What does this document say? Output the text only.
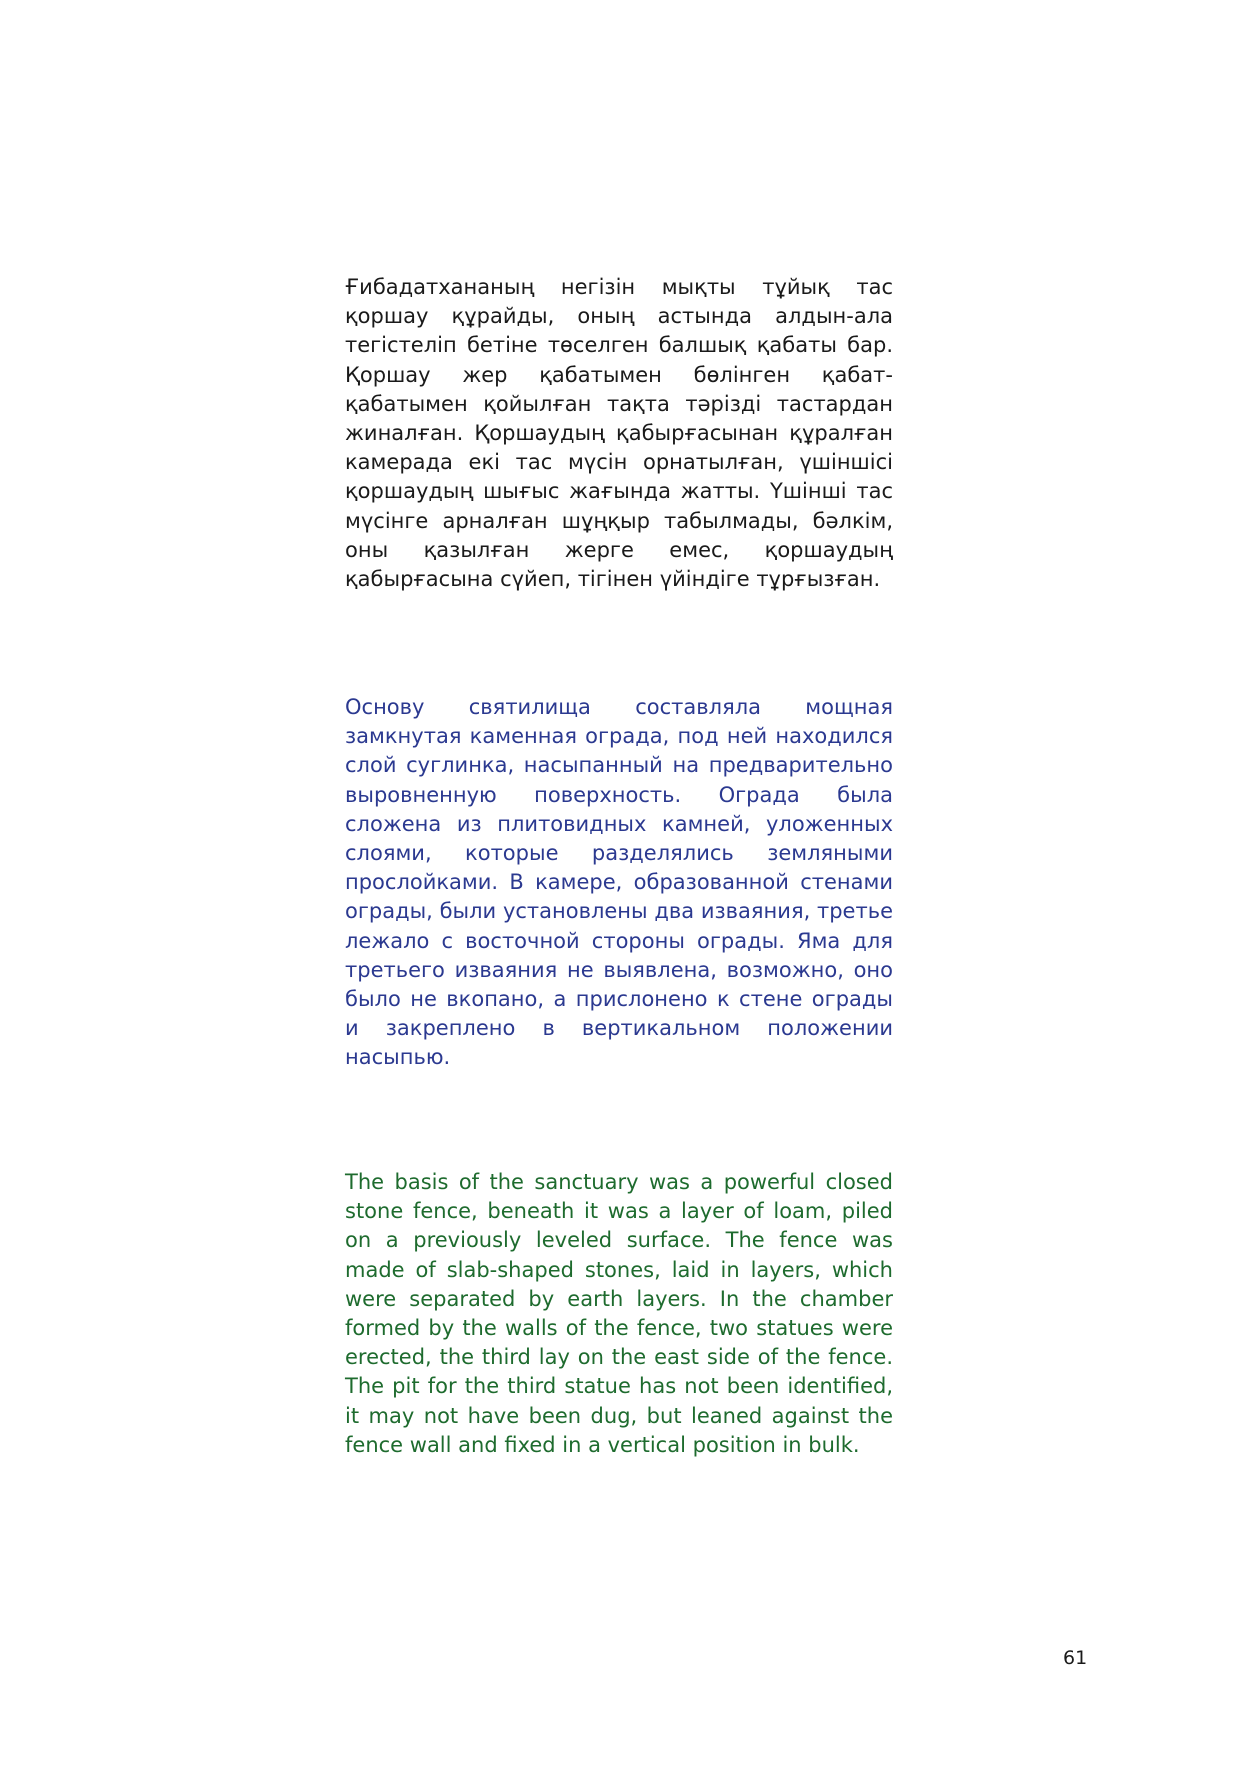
Ғибадатхананың негізін мықты тұйық тас қоршау құрайды, оның астында алдын-ала тегістеліп бетіне төселген балшық қабаты бар. Қоршау жер қабатымен бөлінген қабат-қабатымен қойылған тақта тәрізді тастардан жиналған. Қоршаудың қабырғасынан құралған камерада екі тас мүсін орнатылған, үшіншісі қоршаудың шығыс жағында жатты. Үшінші тас мүсінге арналған шұңқыр табылмады, бәлкім, оны қазылған жерге емес, қоршаудың қабырғасына сүйеп, тігінен үйіндіге тұрғызған.

Основу святилища составляла мощная замкнутая каменная ограда, под ней находился слой суглинка, насыпанный на предварительно выровненную поверхность. Ограда была сложена из плитовидных камней, уложенных слоями, которые разделялись земляными прослойками. В камере, образованной стенами ограды, были установлены два изваяния, третье лежало с восточной стороны ограды. Яма для третьего изваяния не выявлена, возможно, оно было не вкопано, а прислонено к стене ограды и закреплено в вертикальном положении насыпью.

The basis of the sanctuary was a powerful closed stone fence, beneath it was a layer of loam, piled on a previously leveled surface. The fence was made of slab-shaped stones, laid in layers, which were separated by earth layers. In the chamber formed by the walls of the fence, two statues were erected, the third lay on the east side of the fence. The pit for the third statue has not been identified, it may not have been dug, but leaned against the fence wall and fixed in a vertical position in bulk.

61
